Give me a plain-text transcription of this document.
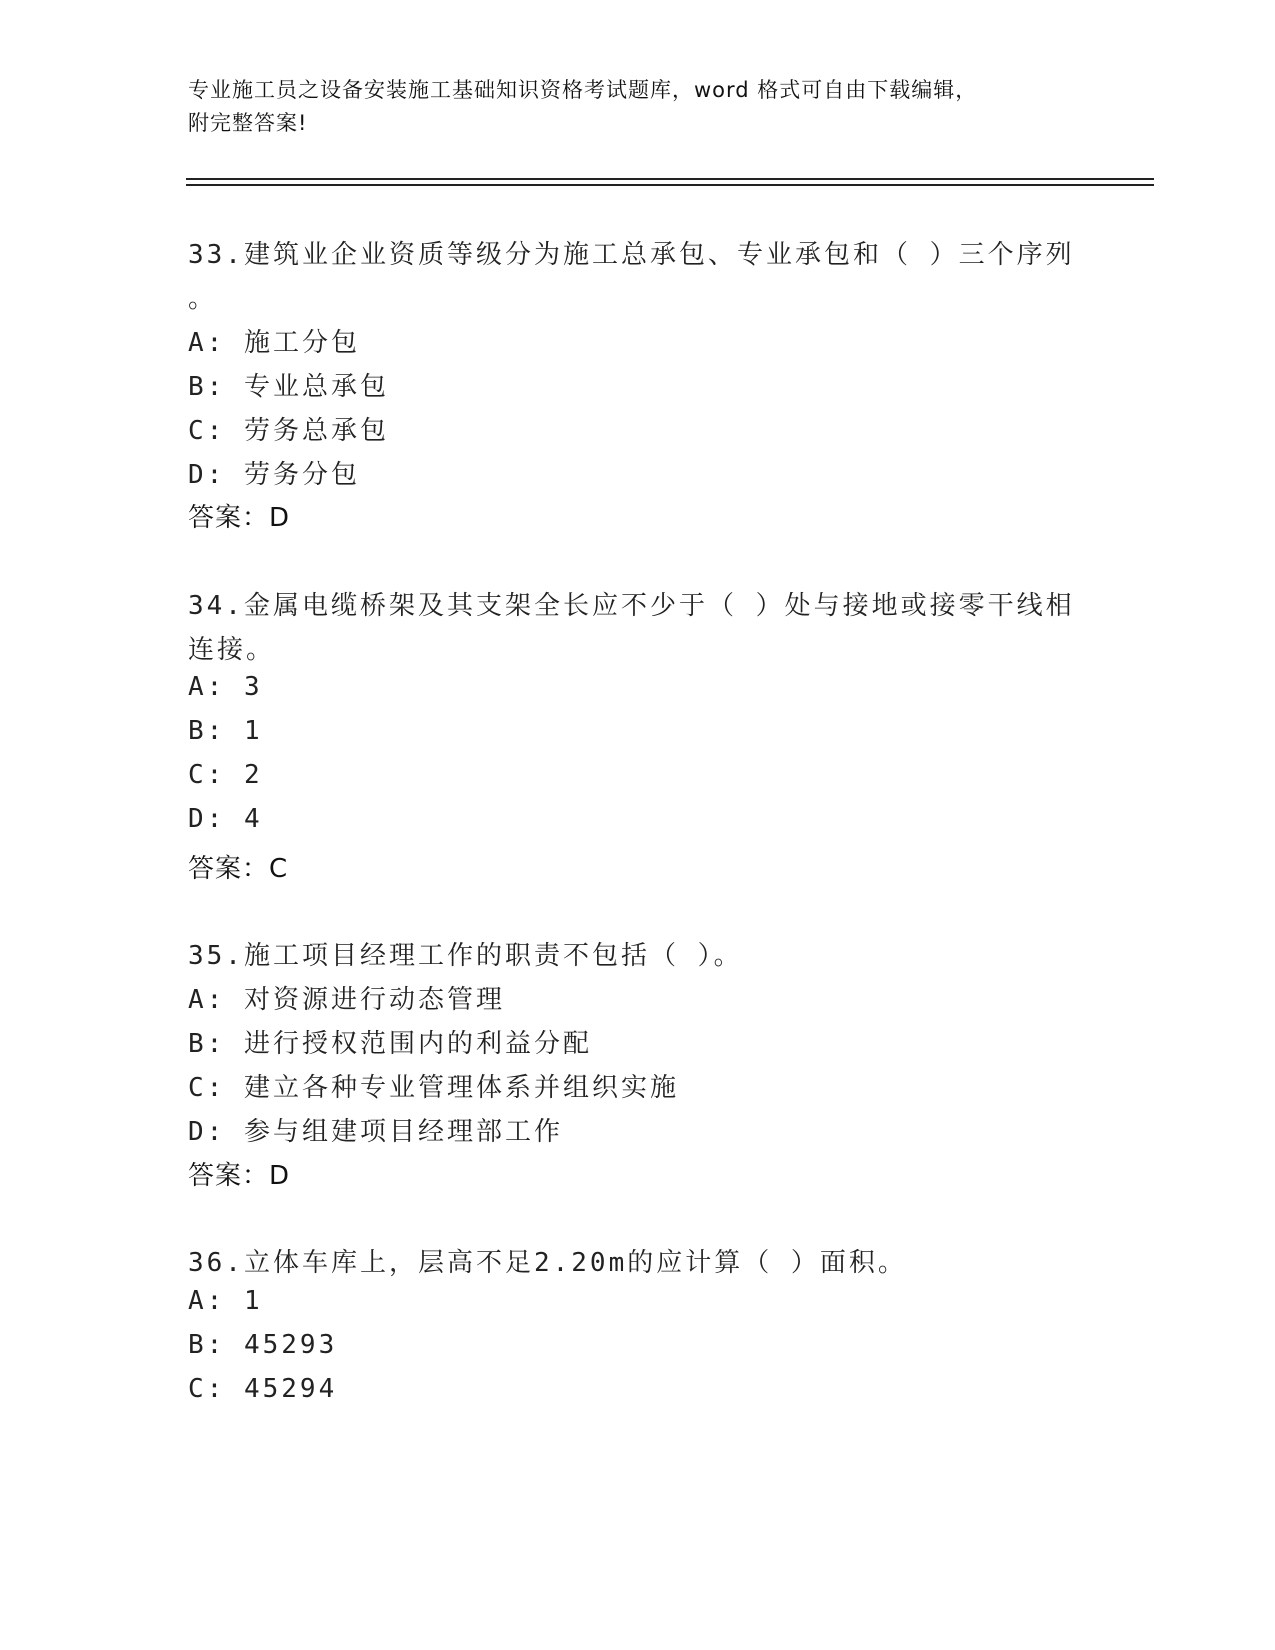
专业施工员之设备安装施工基础知识资格考试题库，word 格式可自由下载编辑，
附完整答案!
33.建筑业企业资质等级分为施工总承包、专业承包和（ ）三个序列
。
A: 施工分包
B: 专业总承包
C: 劳务总承包
D: 劳务分包
答案：D
34.金属电缆桥架及其支架全长应不少于（ ）处与接地或接零干线相
连接。
A: 3
B: 1
C: 2
D: 4
答案：C
35.施工项目经理工作的职责不包括（ ）。
A: 对资源进行动态管理
B: 进行授权范围内的利益分配
C: 建立各种专业管理体系并组织实施
D: 参与组建项目经理部工作
答案：D
36.立体车库上，层高不足2.20m的应计算（ ）面积。
A: 1
B: 45293
C: 45294
